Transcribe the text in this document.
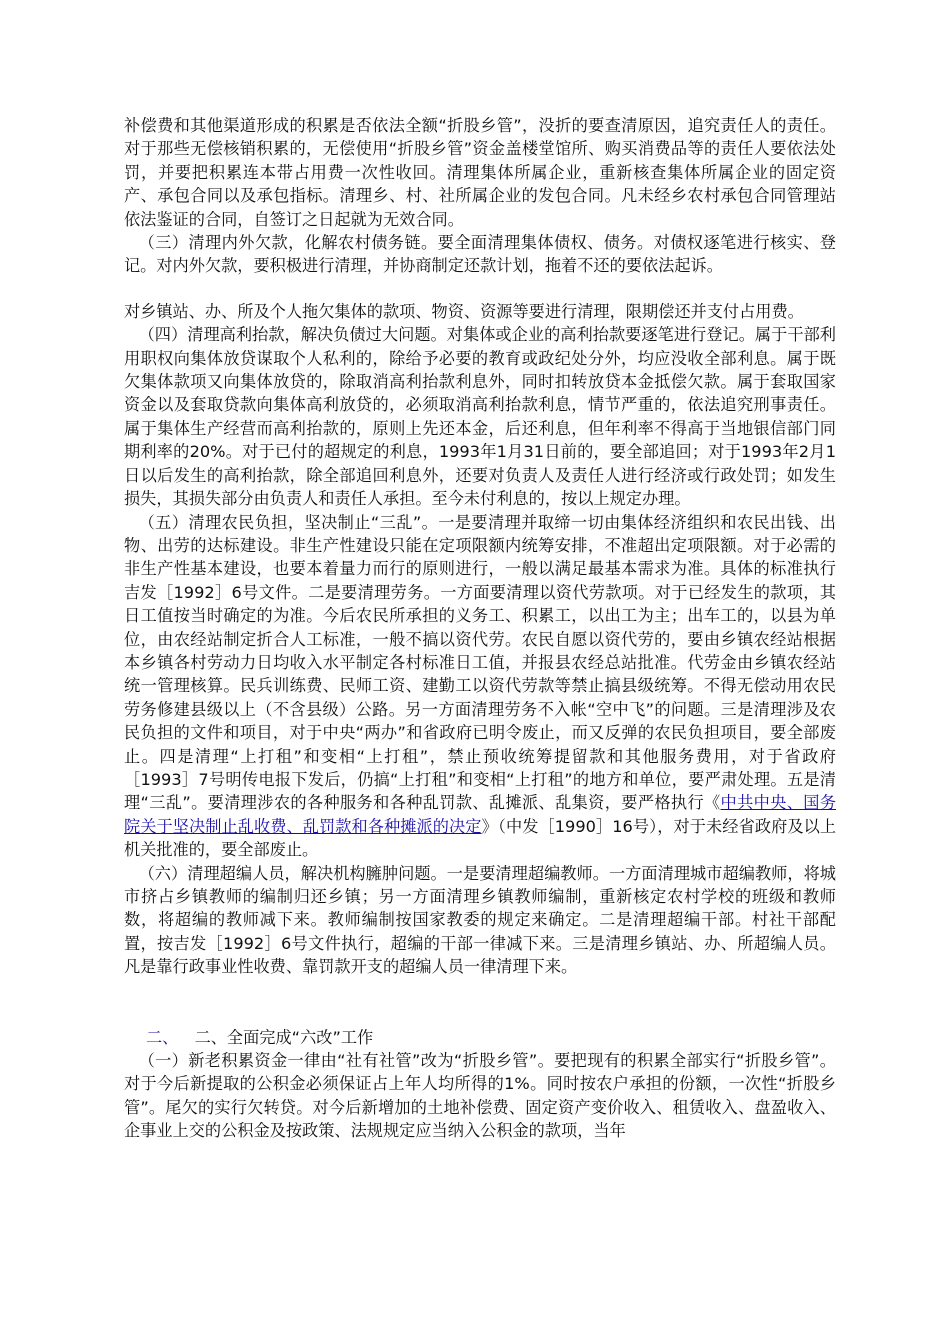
补偿费和其他渠道形成的积累是否依法全额“折股乡管”，没折的要查清原因，追究责任人的责任。对于那些无偿核销积累的，无偿使用“折股乡管”资金盖楼堂馆所、购买消费品等的责任人要依法处罚，并要把积累连本带占用费一次性收回。清理集体所属企业，重新核查集体所属企业的固定资产、承包合同以及承包指标。清理乡、村、社所属企业的发包合同。凡未经乡农村承包合同管理站依法鉴证的合同，自签订之日起就为无效合同。

（三）清理内外欠款，化解农村债务链。要全面清理集体债权、债务。对债权逐笔进行核实、登记。对内外欠款，要积极进行清理，并协商制定还款计划，拖着不还的要依法起诉。

对乡镇站、办、所及个人拖欠集体的款项、物资、资源等要进行清理，限期偿还并支付占用费。

（四）清理高利抬款，解决负债过大问题。对集体或企业的高利抬款要逐笔进行登记。属于干部利用职权向集体放贷谋取个人私利的，除给予必要的教育或政纪处分外，均应没收全部利息。属于既欠集体款项又向集体放贷的，除取消高利抬款利息外，同时扣转放贷本金抵偿欠款。属于套取国家资金以及套取贷款向集体高利放贷的，必须取消高利抬款利息，情节严重的，依法追究刑事责任。属于集体生产经营而高利抬款的，原则上先还本金，后还利息，但年利率不得高于当地银信部门同期利率的20%。对于已付的超规定的利息，1993年1月31日前的，要全部追回；对于1993年2月1日以后发生的高利抬款，除全部追回利息外，还要对负责人及责任人进行经济或行政处罚；如发生损失，其损失部分由负责人和责任人承担。至今未付利息的，按以上规定办理。

（五）清理农民负担，坚决制止“三乱”。一是要清理并取缔一切由集体经济组织和农民出钱、出物、出劳的达标建设。非生产性建设只能在定项限额内统筹安排，不准超出定项限额。对于必需的非生产性基本建设，也要本着量力而行的原则进行，一般以满足最基本需求为准。具体的标准执行吉发［1992］6号文件。二是要清理劳务。一方面要清理以资代劳款项。对于已经发生的款项，其日工值按当时确定的为准。今后农民所承担的义务工、积累工，以出工为主；出车工的，以县为单位，由农经站制定折合人工标准，一般不搞以资代劳。农民自愿以资代劳的，要由乡镇农经站根据本乡镇各村劳动力日均收入水平制定各村标准日工值，并报县农经总站批准。代劳金由乡镇农经站统一管理核算。民兵训练费、民师工资、建勤工以资代劳款等禁止搞县级统筹。不得无偿动用农民劳务修建县级以上（不含县级）公路。另一方面清理劳务不入帐“空中飞”的问题。三是清理涉及农民负担的文件和项目，对于中央“两办”和省政府已明令废止，而又反弹的农民负担项目，要全部废止。四是清理“上打租”和变相“上打租”，禁止预收统筹提留款和其他服务费用，对于省政府［1993］7号明传电报下发后，仍搞“上打租”和变相“上打租”的地方和单位，要严肃处理。五是清理“三乱”。要清理涉农的各种服务和各种乱罚款、乱摊派、乱集资，要严格执行《中共中央、国务院关于坚决制止乱收费、乱罚款和各种摊派的决定》（中发［1990］16号），对于未经省政府及以上机关批准的，要全部废止。

（六）清理超编人员，解决机构臃肿问题。一是要清理超编教师。一方面清理城市超编教师，将城市挤占乡镇教师的编制归还乡镇；另一方面清理乡镇教师编制，重新核定农村学校的班级和教师数，将超编的教师减下来。教师编制按国家教委的规定来确定。二是清理超编干部。村社干部配置，按吉发［1992］6号文件执行，超编的干部一律减下来。三是清理乡镇站、办、所超编人员。凡是靠行政事业性收费、靠罚款开支的超编人员一律清理下来。

二、  二、全面完成“六改”工作

（一）新老积累资金一律由“社有社管”改为“折股乡管”。要把现有的积累全部实行“折股乡管”。对于今后新提取的公积金必须保证占上年人均所得的1%。同时按农户承担的份额，一次性“折股乡管”。尾欠的实行欠转贷。对今后新增加的土地补偿费、固定资产变价收入、租赁收入、盘盈收入、企事业上交的公积金及按政策、法规规定应当纳入公积金的款项，当年
